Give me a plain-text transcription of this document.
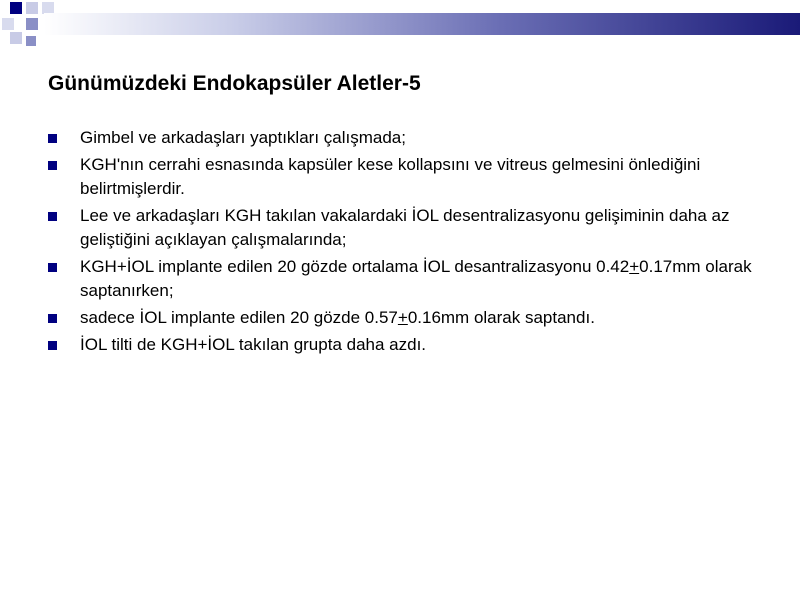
Günümüzdeki Endokapsüler Aletler-5
Gimbel ve arkadaşları yaptıkları çalışmada;
KGH'nın cerrahi esnasında kapsüler kese kollapsını ve vitreus gelmesini önlediğini belirtmişlerdir.
Lee ve arkadaşları KGH takılan vakalardaki İOL desentralizasyonu gelişiminin daha az geliştiğini açıklayan çalışmalarında;
KGH+İOL implante edilen 20 gözde ortalama İOL desantralizasyonu 0.42+0.17mm olarak saptanırken;
sadece İOL implante edilen 20 gözde 0.57+0.16mm olarak saptandı.
İOL tilti de KGH+İOL takılan grupta daha azdı.
